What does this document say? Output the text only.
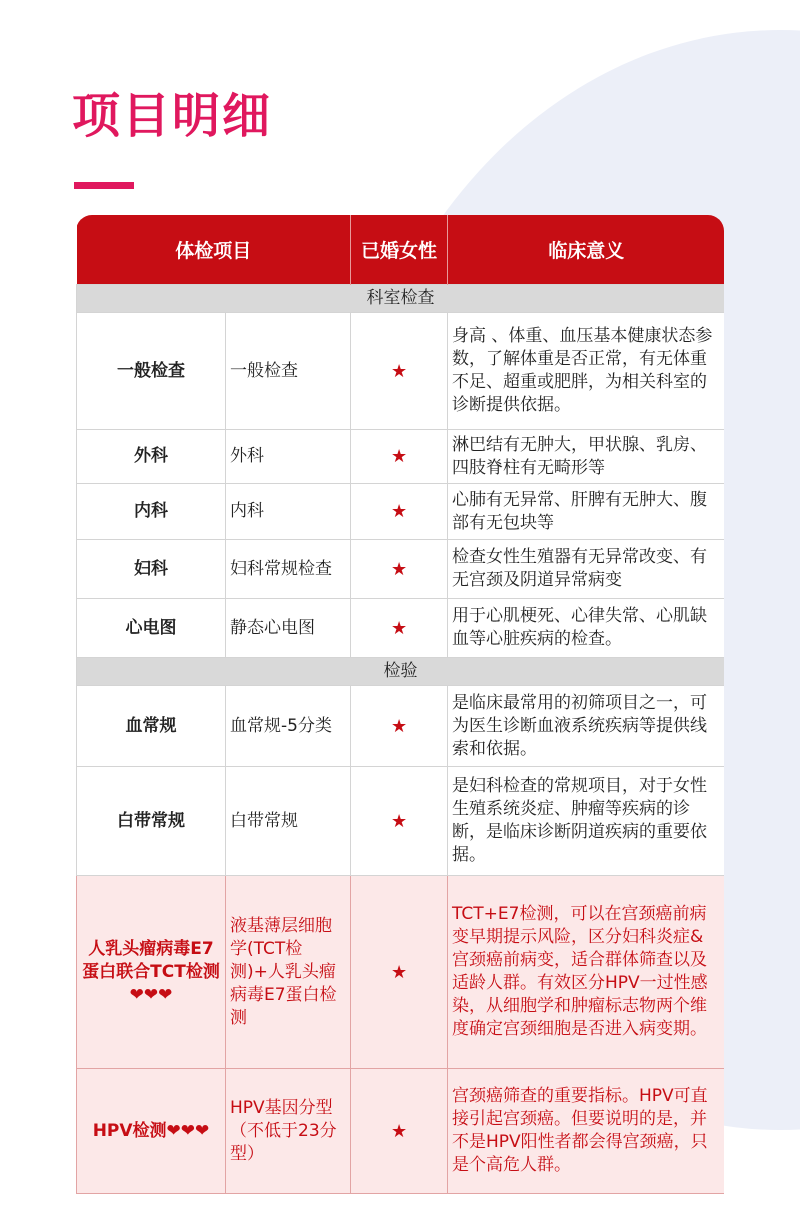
项目明细
体检项目		已婚女性	临床意义
科室检查			
一般检查	一般检查	★	身高 、体重、血压基本健康状态参数，了解体重是否正常，有无体重不足、超重或肥胖，为相关科室的诊断提供依据。
外科	外科	★	淋巴结有无肿大，甲状腺、乳房、四肢脊柱有无畸形等
内科	内科	★	心肺有无异常、肝脾有无肿大、腹部有无包块等
妇科	妇科常规检查	★	检查女性生殖器有无异常改变、有无宫颈及阴道异常病变
心电图	静态心电图	★	用于心肌梗死、心律失常、心肌缺血等心脏疾病的检查。
检验			
血常规	血常规-5分类	★	是临床最常用的初筛项目之一，可为医生诊断血液系统疾病等提供线索和依据。
白带常规	白带常规	★	是妇科检查的常规项目，对于女性生殖系统炎症、肿瘤等疾病的诊断，是临床诊断阴道疾病的重要依据。
人乳头瘤病毒E7蛋白联合TCT检测❤❤❤	液基薄层细胞学(TCT检测)+人乳头瘤病毒E7蛋白检测	★	TCT+E7检测，可以在宫颈癌前病变早期提示风险，区分妇科炎症&宫颈癌前病变，适合群体筛查以及适龄人群。有效区分HPV一过性感染，从细胞学和肿瘤标志物两个维度确定宫颈细胞是否进入病变期。
HPV检测❤❤❤	HPV基因分型（不低于23分型）	★	宫颈癌筛查的重要指标。HPV可直接引起宫颈癌。但要说明的是，并不是HPV阳性者都会得宫颈癌，只是个高危人群。
